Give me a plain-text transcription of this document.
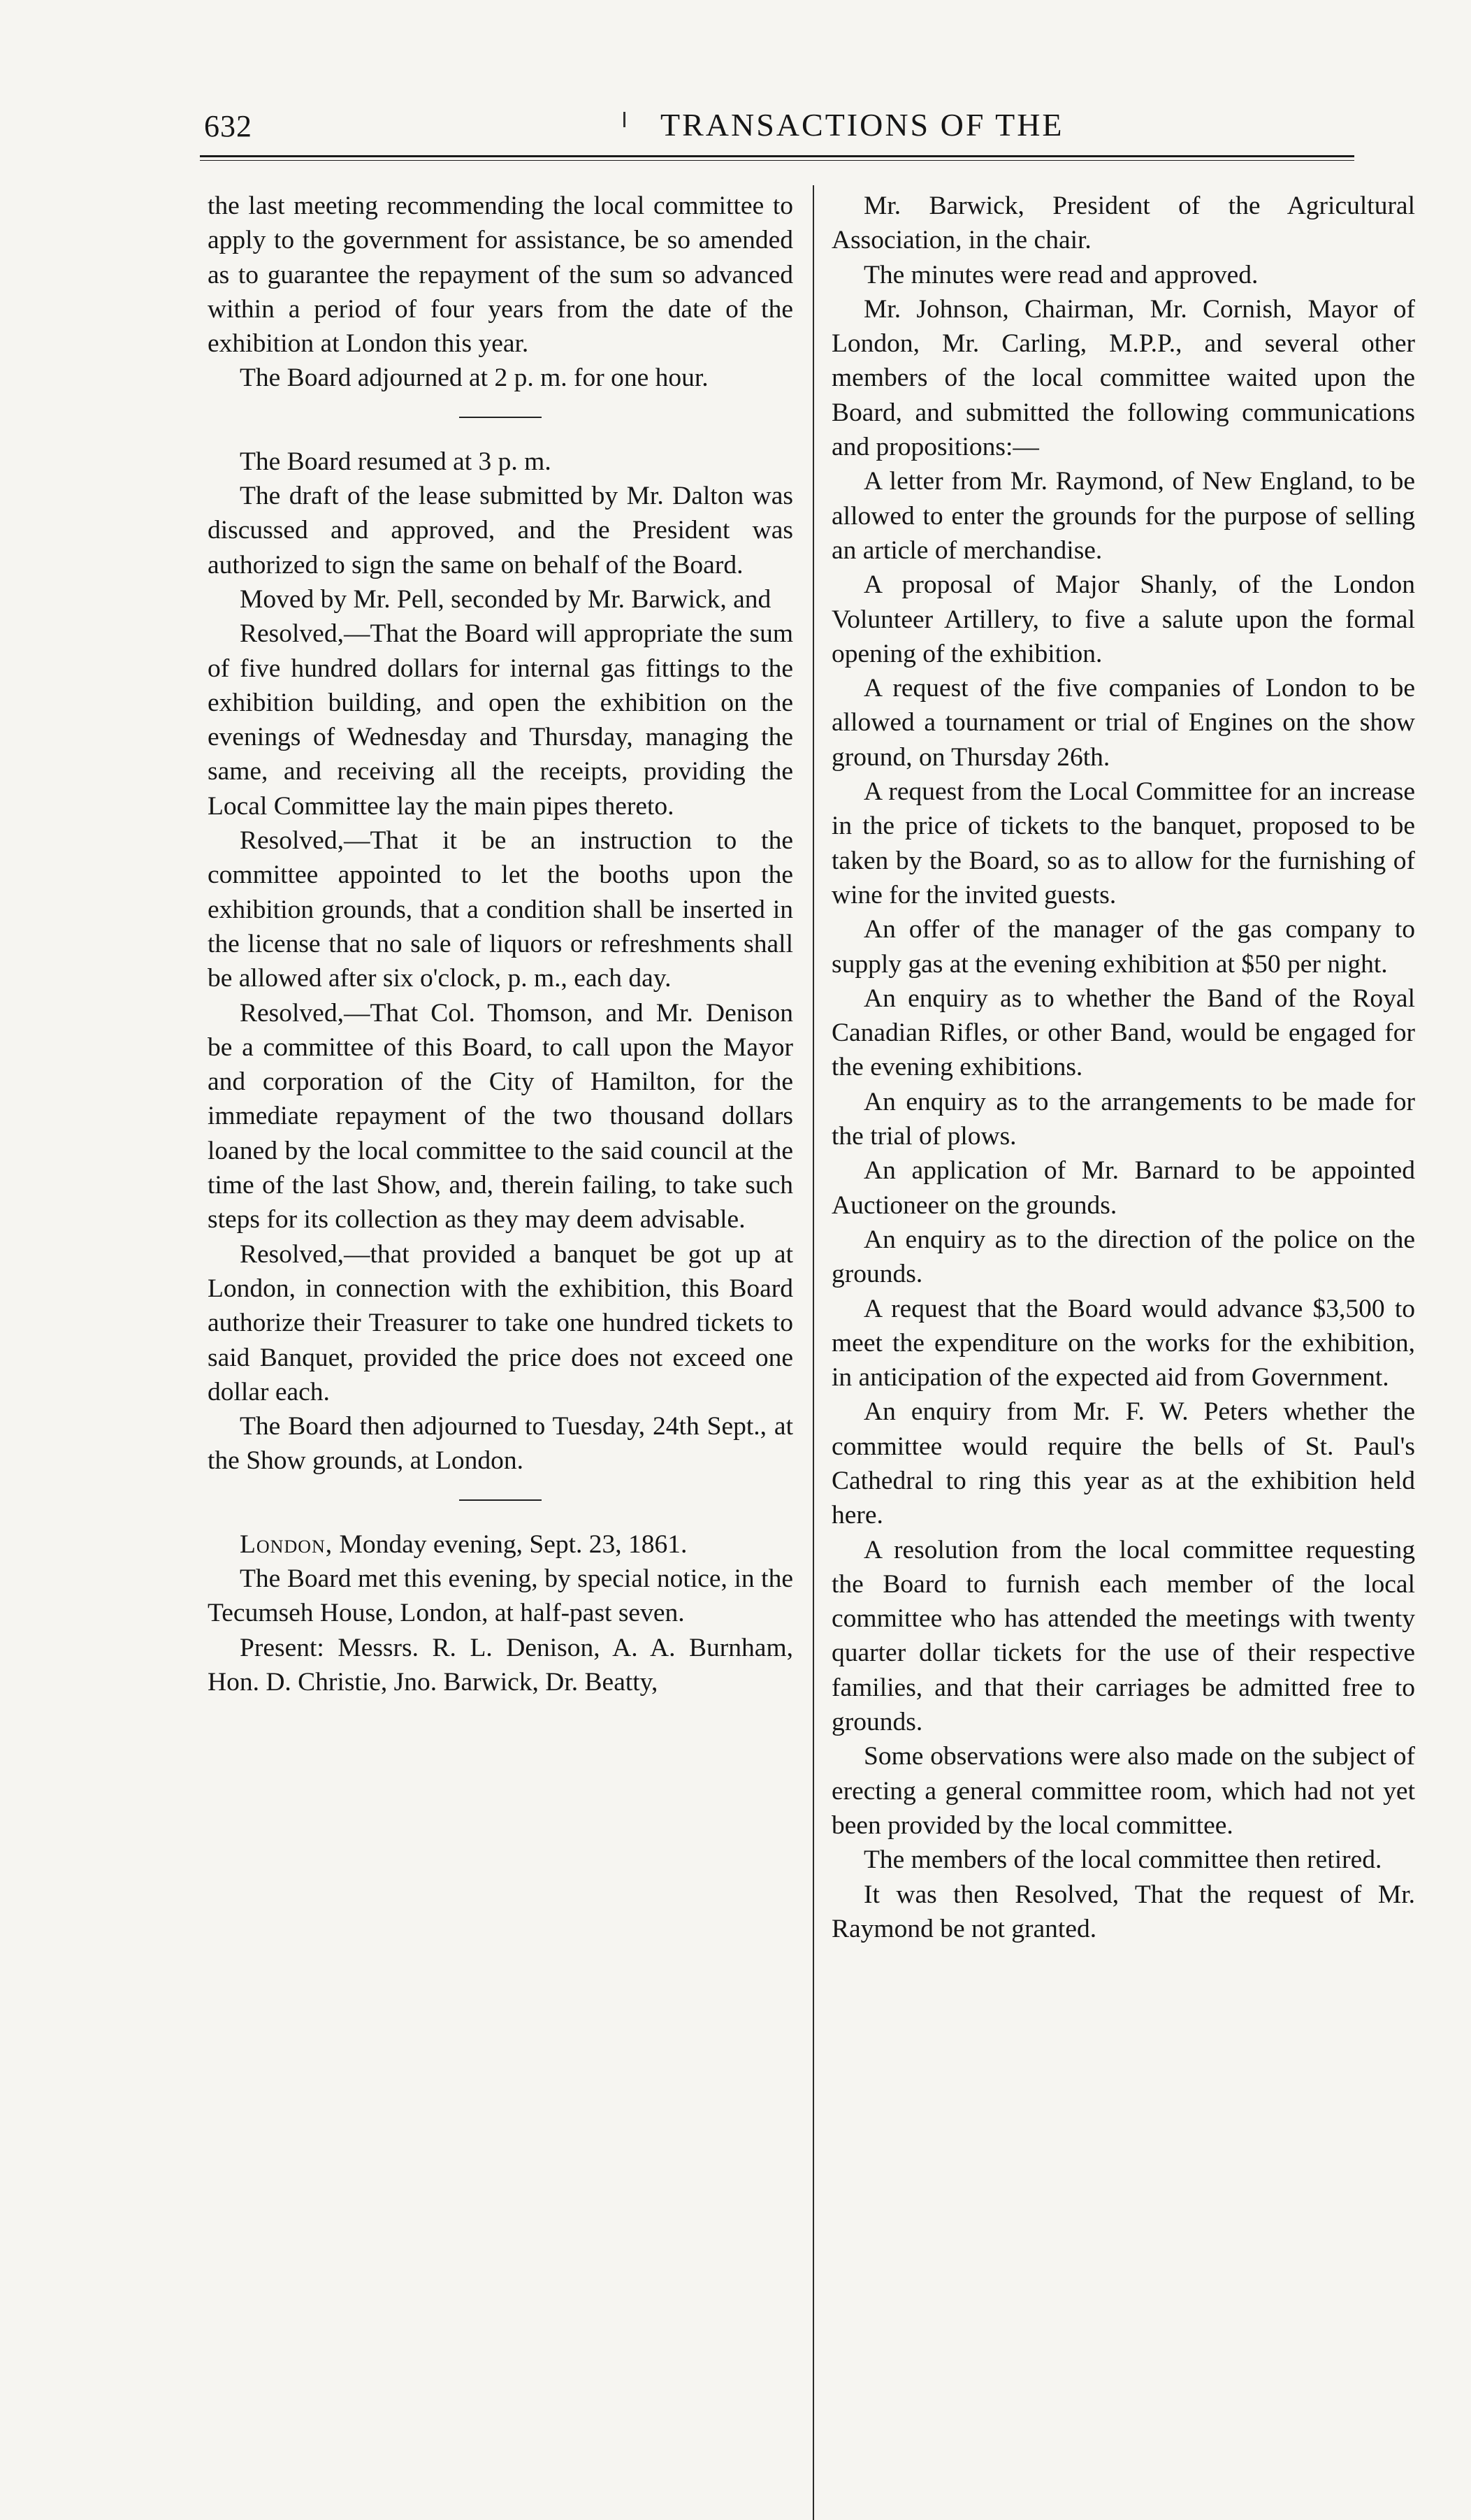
632	TRANSACTIONS OF THE

the last meeting recommending the local committee to apply to the government for assistance, be so amended as to guarantee the repayment of the sum so advanced within a period of four years from the date of the exhibition at London this year.

The Board adjourned at 2 p. m. for one hour.

The Board resumed at 3 p. m.

The draft of the lease submitted by Mr. Dalton was discussed and approved, and the President was authorized to sign the same on behalf of the Board.

Moved by Mr. Pell, seconded by Mr. Barwick, and

Resolved,—That the Board will appropriate the sum of five hundred dollars for internal gas fittings to the exhibition building, and open the exhibition on the evenings of Wednesday and Thursday, managing the same, and receiving all the receipts, providing the Local Committee lay the main pipes thereto.

Resolved,—That it be an instruction to the committee appointed to let the booths upon the exhibition grounds, that a condition shall be inserted in the license that no sale of liquors or refreshments shall be allowed after six o'clock, p. m., each day.

Resolved,—That Col. Thomson, and Mr. Denison be a committee of this Board, to call upon the Mayor and corporation of the City of Hamilton, for the immediate repayment of the two thousand dollars loaned by the local committee to the said council at the time of the last Show, and, therein failing, to take such steps for its collection as they may deem advisable.

Resolved,—that provided a banquet be got up at London, in connection with the exhibition, this Board authorize their Treasurer to take one hundred tickets to said Banquet, provided the price does not exceed one dollar each.

The Board then adjourned to Tuesday, 24th Sept., at the Show grounds, at London.

London, Monday evening, Sept. 23, 1861.

The Board met this evening, by special notice, in the Tecumseh House, London, at half-past seven.

Present: Messrs. R. L. Denison, A. A. Burnham, Hon. D. Christie, Jno. Barwick, Dr. Beatty,

Mr. Barwick, President of the Agricultural Association, in the chair.

The minutes were read and approved.

Mr. Johnson, Chairman, Mr. Cornish, Mayor of London, Mr. Carling, M.P.P., and several other members of the local committee waited upon the Board, and submitted the following communications and propositions:—

A letter from Mr. Raymond, of New England, to be allowed to enter the grounds for the purpose of selling an article of merchandise.

A proposal of Major Shanly, of the London Volunteer Artillery, to five a salute upon the formal opening of the exhibition.

A request of the five companies of London to be allowed a tournament or trial of Engines on the show ground, on Thursday 26th.

A request from the Local Committee for an increase in the price of tickets to the banquet, proposed to be taken by the Board, so as to allow for the furnishing of wine for the invited guests.

An offer of the manager of the gas company to supply gas at the evening exhibition at $50 per night.

An enquiry as to whether the Band of the Royal Canadian Rifles, or other Band, would be engaged for the evening exhibitions.

An enquiry as to the arrangements to be made for the trial of plows.

An application of Mr. Barnard to be appointed Auctioneer on the grounds.

An enquiry as to the direction of the police on the grounds.

A request that the Board would advance $3,500 to meet the expenditure on the works for the exhibition, in anticipation of the expected aid from Government.

An enquiry from Mr. F. W. Peters whether the committee would require the bells of St. Paul's Cathedral to ring this year as at the exhibition held here.

A resolution from the local committee requesting the Board to furnish each member of the local committee who has attended the meetings with twenty quarter dollar tickets for the use of their respective families, and that their carriages be admitted free to grounds.

Some observations were also made on the subject of erecting a general committee room, which had not yet been provided by the local committee.

The members of the local committee then retired.

It was then Resolved, That the request of Mr. Raymond be not granted.
